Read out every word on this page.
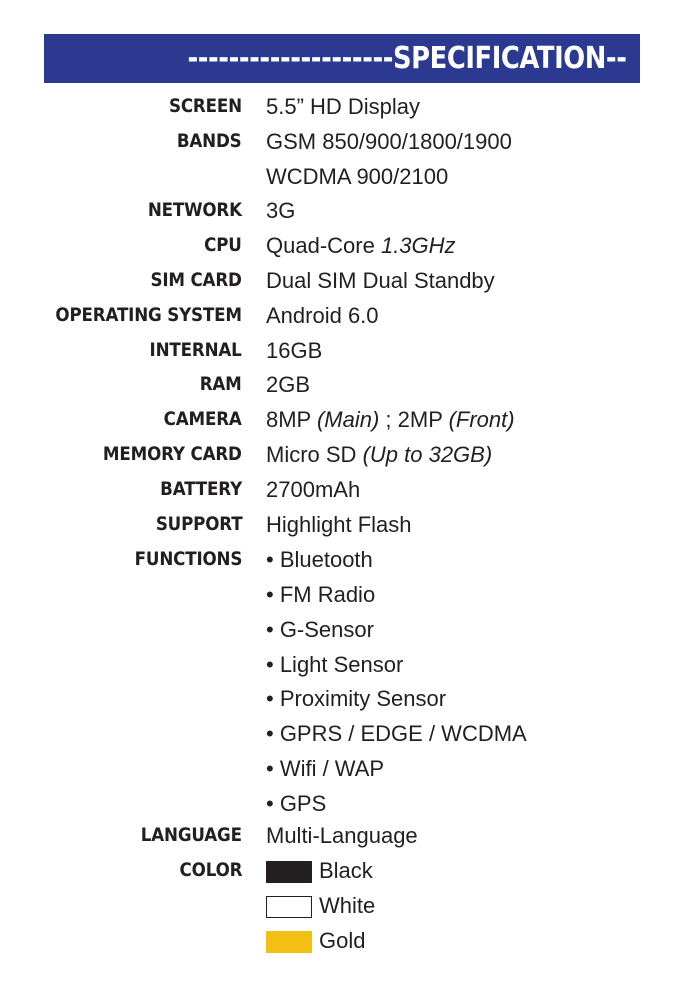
--------------------SPECIFICATION--
SCREEN 5.5” HD Display
BANDS GSM 850/900/1800/1900
WCDMA 900/2100
NETWORK 3G
CPU Quad-Core 1.3GHz
SIM CARD Dual SIM Dual Standby
OPERATING SYSTEM Android 6.0
INTERNAL 16GB
RAM 2GB
CAMERA 8MP (Main) ; 2MP (Front)
MEMORY CARD Micro SD (Up to 32GB)
BATTERY 2700mAh
SUPPORT Highlight Flash
FUNCTIONS • Bluetooth
• FM Radio
• G-Sensor
• Light Sensor
• Proximity Sensor
• GPRS / EDGE / WCDMA
• Wifi / WAP
• GPS
LANGUAGE Multi-Language
COLOR	Black
White
Gold
